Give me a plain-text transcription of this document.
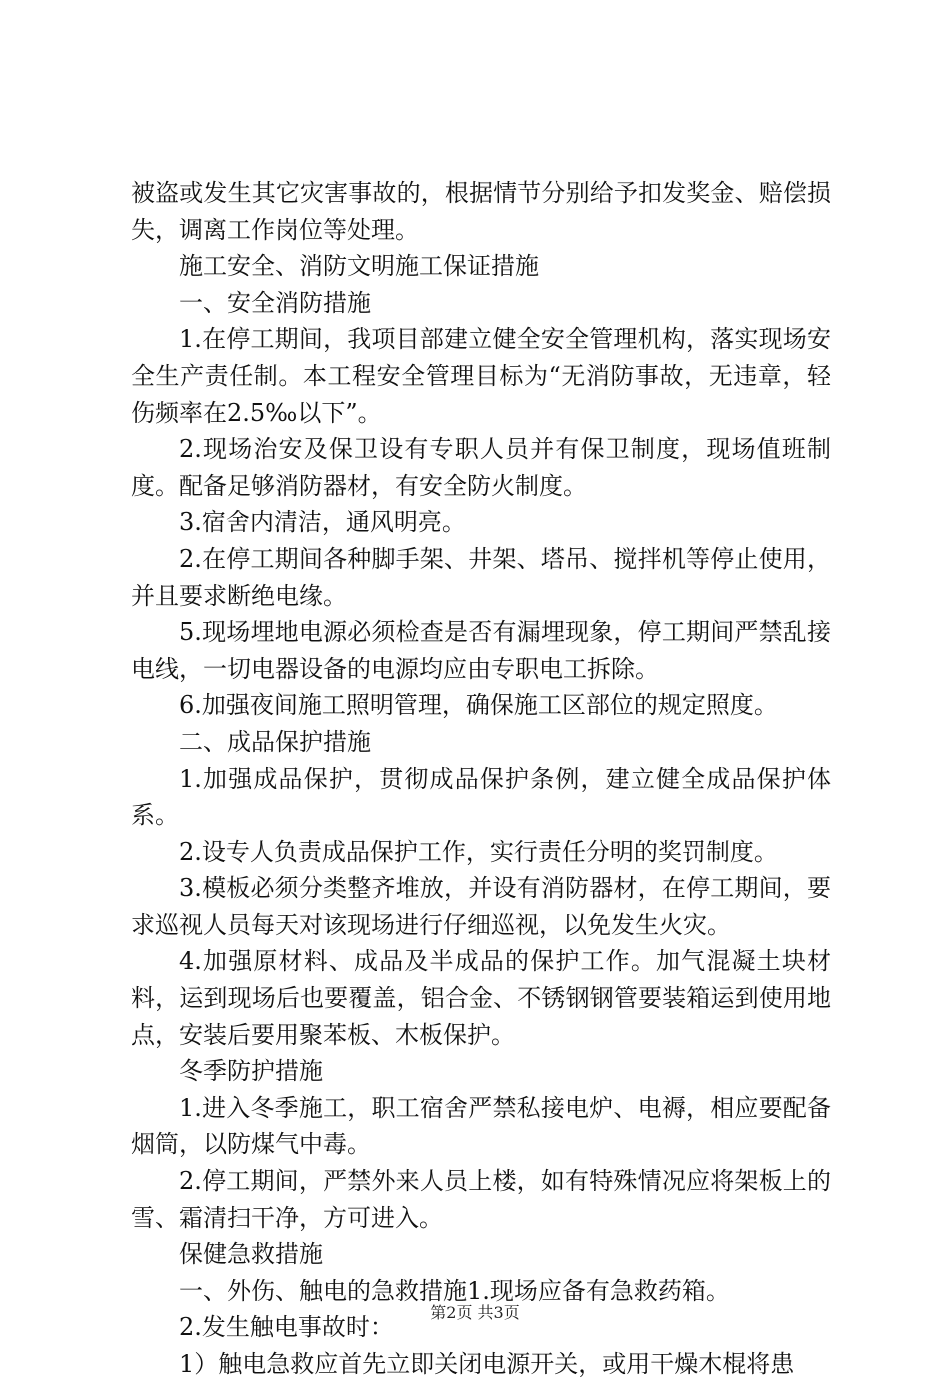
被盗或发生其它灾害事故的，根据情节分别给予扣发奖金、赔偿损失，调离工作岗位等处理。

施工安全、消防文明施工保证措施

一、安全消防措施

1.在停工期间，我项目部建立健全安全管理机构，落实现场安全生产责任制。本工程安全管理目标为“无消防事故，无违章，轻伤频率在2.5‰以下”。

2.现场治安及保卫设有专职人员并有保卫制度，现场值班制度。配备足够消防器材，有安全防火制度。

3.宿舍内清洁，通风明亮。

2.在停工期间各种脚手架、井架、塔吊、搅拌机等停止使用，并且要求断绝电缘。

5.现场埋地电源必须检查是否有漏埋现象，停工期间严禁乱接电线，一切电器设备的电源均应由专职电工拆除。

6.加强夜间施工照明管理，确保施工区部位的规定照度。

二、成品保护措施

1.加强成品保护，贯彻成品保护条例，建立健全成品保护体系。

2.设专人负责成品保护工作，实行责任分明的奖罚制度。

3.模板必须分类整齐堆放，并设有消防器材，在停工期间，要求巡视人员每天对该现场进行仔细巡视，以免发生火灾。

4.加强原材料、成品及半成品的保护工作。加气混凝土块材料，运到现场后也要覆盖，铝合金、不锈钢钢管要装箱运到使用地点，安装后要用聚苯板、木板保护。

冬季防护措施

1.进入冬季施工，职工宿舍严禁私接电炉、电褥，相应要配备烟筒，以防煤气中毒。

2.停工期间，严禁外来人员上楼，如有特殊情况应将架板上的雪、霜清扫干净，方可进入。

保健急救措施

一、外伤、触电的急救措施1.现场应备有急救药箱。

2.发生触电事故时：

1）触电急救应首先立即关闭电源开关，或用干燥木棍将患

第2页 共3页
